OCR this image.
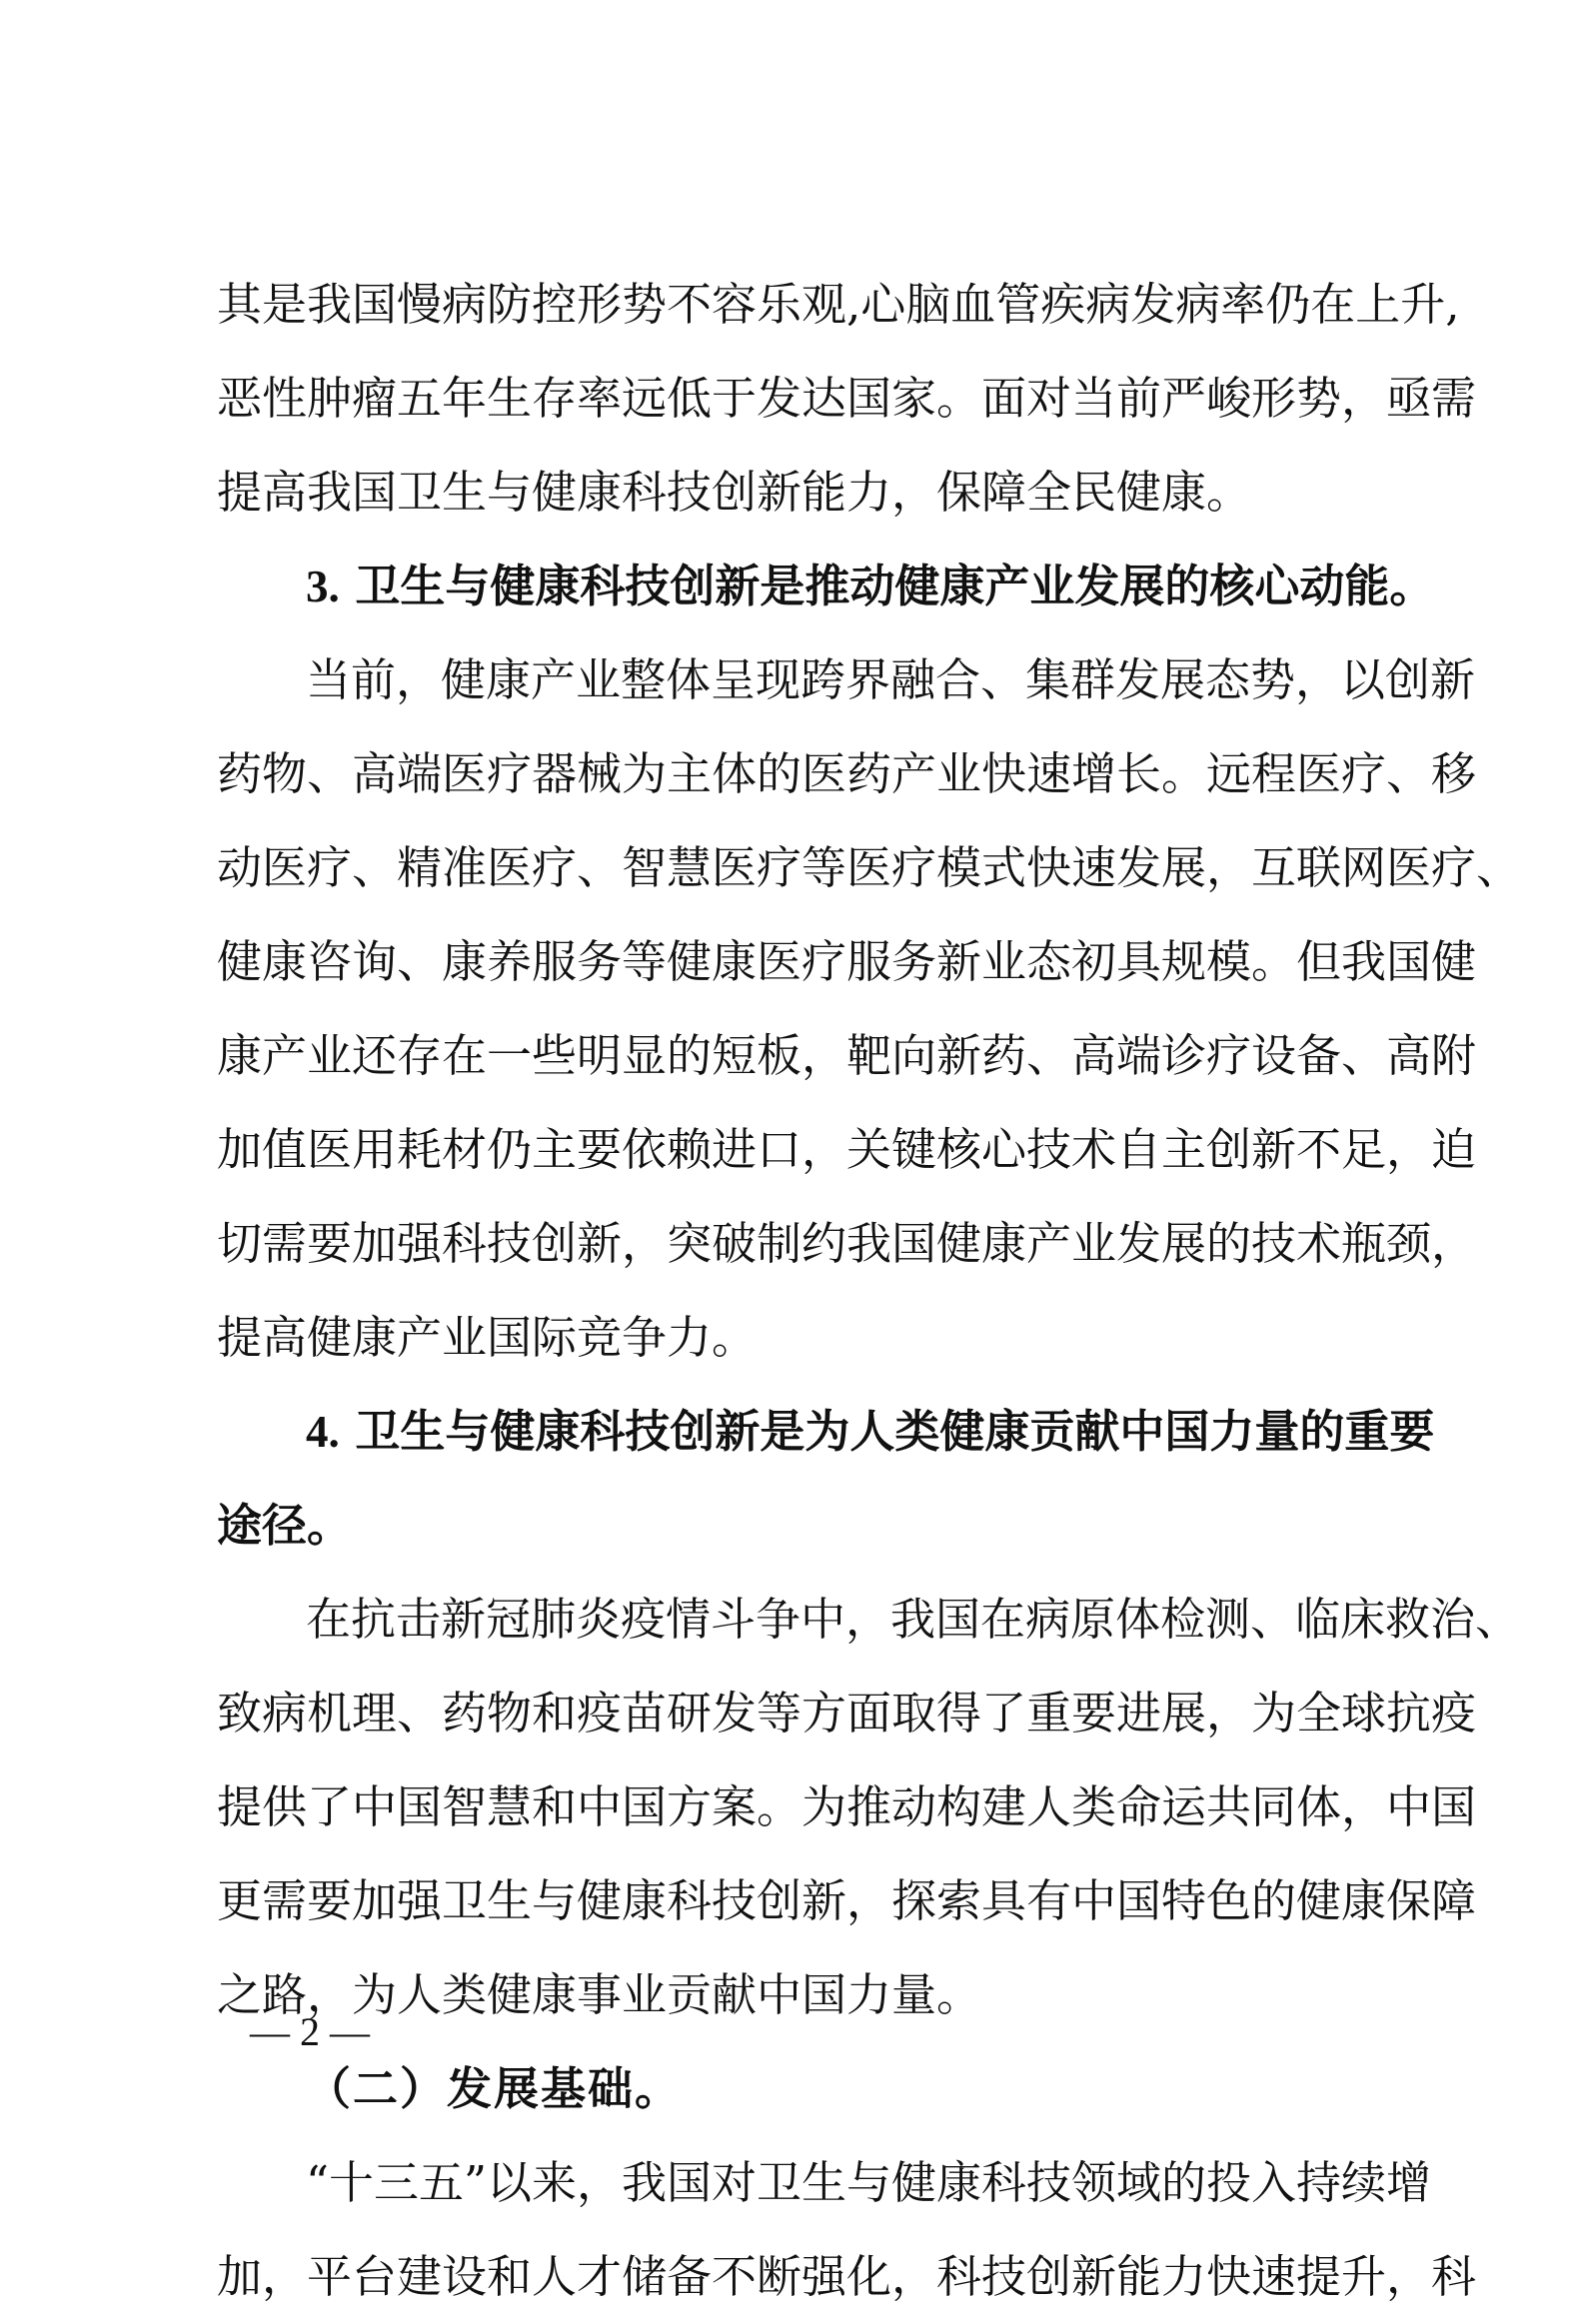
其是我国慢病防控形势不容乐观,心脑血管疾病发病率仍在上升,
恶性肿瘤五年生存率远低于发达国家。面对当前严峻形势，亟需
提高我国卫生与健康科技创新能力，保障全民健康。
3. 卫生与健康科技创新是推动健康产业发展的核心动能。
当前，健康产业整体呈现跨界融合、集群发展态势，以创新
药物、高端医疗器械为主体的医药产业快速增长。远程医疗、移
动医疗、精准医疗、智慧医疗等医疗模式快速发展，互联网医疗、
健康咨询、康养服务等健康医疗服务新业态初具规模。但我国健
康产业还存在一些明显的短板，靶向新药、高端诊疗设备、高附
加值医用耗材仍主要依赖进口，关键核心技术自主创新不足，迫
切需要加强科技创新，突破制约我国健康产业发展的技术瓶颈，
提高健康产业国际竞争力。
4. 卫生与健康科技创新是为人类健康贡献中国力量的重要
途径。
在抗击新冠肺炎疫情斗争中，我国在病原体检测、临床救治、
致病机理、药物和疫苗研发等方面取得了重要进展，为全球抗疫
提供了中国智慧和中国方案。为推动构建人类命运共同体，中国
更需要加强卫生与健康科技创新，探索具有中国特色的健康保障
之路，为人类健康事业贡献中国力量。
（二）发展基础。
“十三五”以来，我国对卫生与健康科技领域的投入持续增
加，平台建设和人才储备不断强化，科技创新能力快速提升，科
— 2 —
